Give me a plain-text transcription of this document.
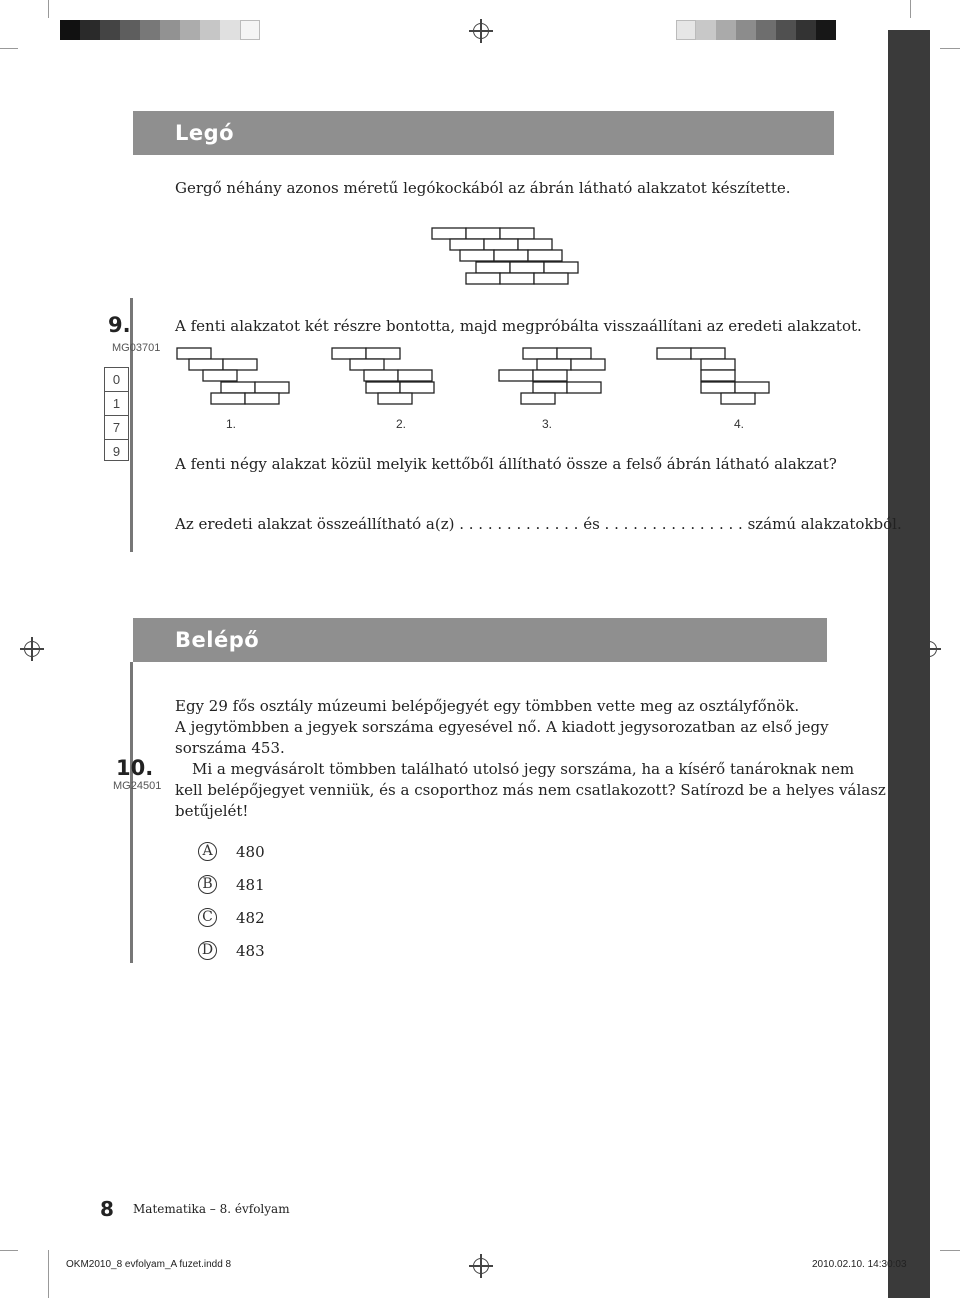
Legó
Gergő néhány azonos méretű legókockából az ábrán látható alakzatot készítette.
9.
MG03701
0
1
7
9
A fenti alakzatot két részre bontotta, majd megpróbálta visszaállítani az eredeti alakzatot.
1.	2.	3.	4.
A fenti négy alakzat közül melyik kettőből állítható össze a felső ábrán látható alakzat?
Az eredeti alakzat összeállítható a(z) . . . . . . . . . . . . . és . . . . . . . . . . . . . . . számú alakzatokból.
Belépő
10.
MG24501
Egy 29 fős osztály múzeumi belépőjegyét egy tömbben vette meg az osztályfőnök.
A jegytömbben a jegyek sorszáma egyesével nő. A kiadott jegysorozatban az első jegy
sorszáma 453.
Mi a megvásárolt tömbben található utolsó jegy sorszáma, ha a kísérő tanároknak nem
kell belépőjegyet venniük, és a csoporthoz más nem csatlakozott? Satírozd be a helyes válasz
betűjelét!
A 480
B 481
C 482
D 483
8 Matematika – 8. évfolyam
OKM2010_8 evfolyam_A fuzet.indd 8	2010.02.10. 14:30:03
